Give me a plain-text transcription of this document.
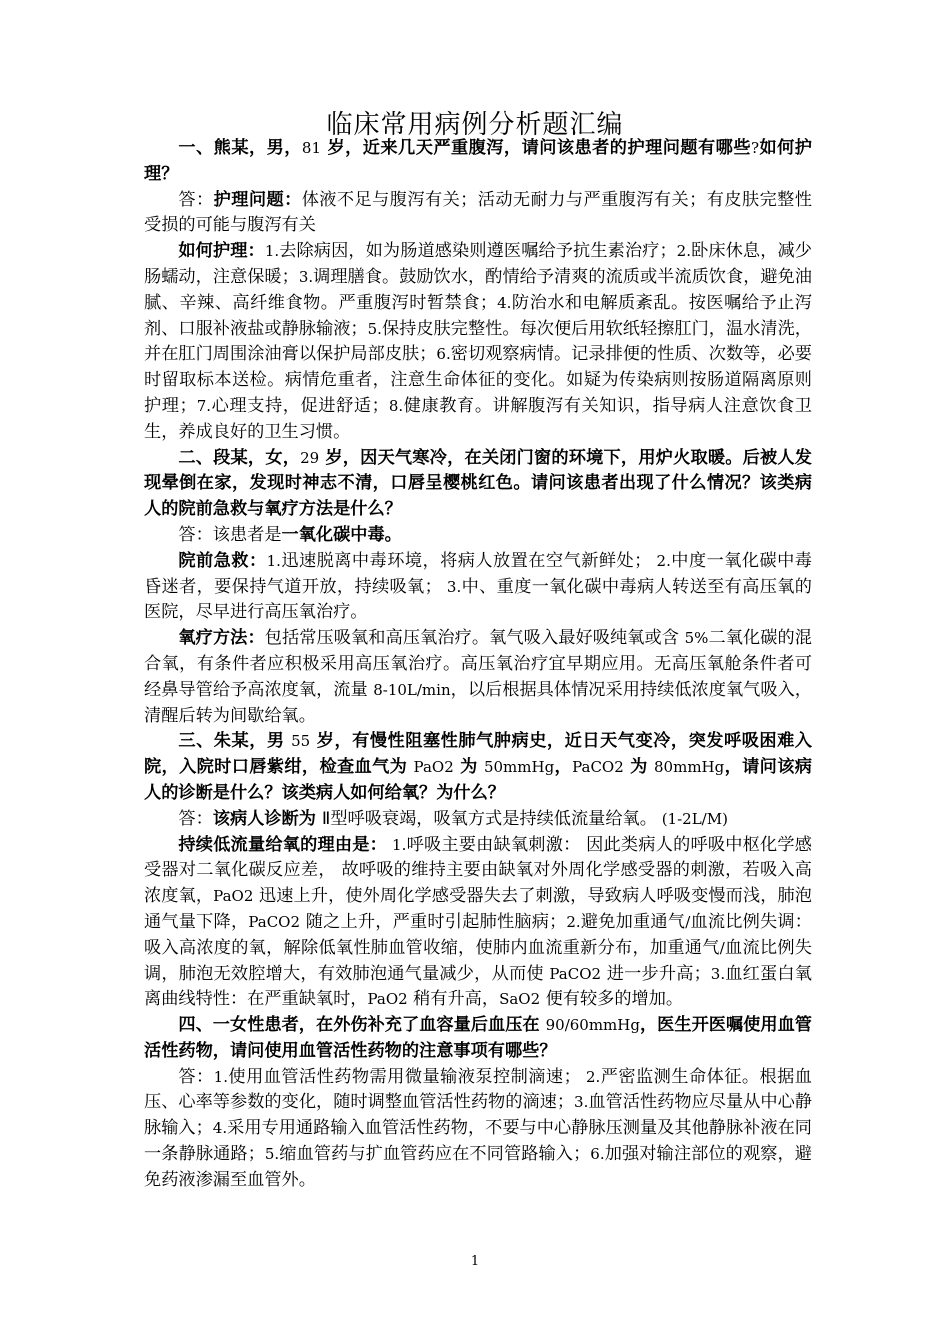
临床常用病例分析题汇编

一、熊某，男，81 岁，近来几天严重腹泻，请问该患者的护理问题有哪些?如何护理？

答：护理问题：体液不足与腹泻有关；活动无耐力与严重腹泻有关；有皮肤完整性受损的可能与腹泻有关

如何护理：1.去除病因，如为肠道感染则遵医嘱给予抗生素治疗；2.卧床休息，减少肠蠕动，注意保暖；3.调理膳食。鼓励饮水，酌情给予清爽的流质或半流质饮食，避免油腻、辛辣、高纤维食物。严重腹泻时暂禁食；4.防治水和电解质紊乱。按医嘱给予止泻剂、口服补液盐或静脉输液；5.保持皮肤完整性。每次便后用软纸轻擦肛门，温水清洗，并在肛门周围涂油膏以保护局部皮肤；6.密切观察病情。记录排便的性质、次数等，必要时留取标本送检。病情危重者，注意生命体征的变化。如疑为传染病则按肠道隔离原则护理；7.心理支持，促进舒适；8.健康教育。讲解腹泻有关知识，指导病人注意饮食卫生，养成良好的卫生习惯。

二、段某，女，29 岁，因天气寒冷，在关闭门窗的环境下，用炉火取暖。后被人发现晕倒在家，发现时神志不清，口唇呈樱桃红色。请问该患者出现了什么情况？该类病人的院前急救与氧疗方法是什么？

答：该患者是一氧化碳中毒。

院前急救：1.迅速脱离中毒环境，将病人放置在空气新鲜处； 2.中度一氧化碳中毒昏迷者，要保持气道开放，持续吸氧； 3.中、重度一氧化碳中毒病人转送至有高压氧的医院，尽早进行高压氧治疗。

氧疗方法：包括常压吸氧和高压氧治疗。氧气吸入最好吸纯氧或含 5%二氧化碳的混合氧，有条件者应积极采用高压氧治疗。高压氧治疗宜早期应用。无高压氧舱条件者可经鼻导管给予高浓度氧，流量 8-10L/min，以后根据具体情况采用持续低浓度氧气吸入，清醒后转为间歇给氧。

三、朱某，男 55 岁，有慢性阻塞性肺气肿病史，近日天气变冷，突发呼吸困难入院，入院时口唇紫绀，检查血气为 PaO2 为 50mmHg，PaCO2 为 80mmHg，请问该病人的诊断是什么？该类病人如何给氧？为什么？

答：该病人诊断为 Ⅱ型呼吸衰竭，吸氧方式是持续低流量给氧。 (1-2L/M)

持续低流量给氧的理由是： 1.呼吸主要由缺氧刺激： 因此类病人的呼吸中枢化学感受器对二氧化碳反应差， 故呼吸的维持主要由缺氧对外周化学感受器的刺激，若吸入高浓度氧，PaO2 迅速上升，使外周化学感受器失去了刺激，导致病人呼吸变慢而浅，肺泡通气量下降，PaCO2 随之上升，严重时引起肺性脑病；2.避免加重通气/血流比例失调：吸入高浓度的氧，解除低氧性肺血管收缩，使肺内血流重新分布，加重通气/血流比例失调，肺泡无效腔增大，有效肺泡通气量减少，从而使 PaCO2 进一步升高；3.血红蛋白氧离曲线特性：在严重缺氧时，PaO2 稍有升高，SaO2 便有较多的增加。

四、一女性患者，在外伤补充了血容量后血压在 90/60mmHg，医生开医嘱使用血管活性药物，请问使用血管活性药物的注意事项有哪些？

答：1.使用血管活性药物需用微量输液泵控制滴速； 2.严密监测生命体征。根据血压、心率等参数的变化，随时调整血管活性药物的滴速；3.血管活性药物应尽量从中心静脉输入；4.采用专用通路输入血管活性药物，不要与中心静脉压测量及其他静脉补液在同一条静脉通路；5.缩血管药与扩血管药应在不同管路输入；6.加强对输注部位的观察，避免药液渗漏至血管外。

1
